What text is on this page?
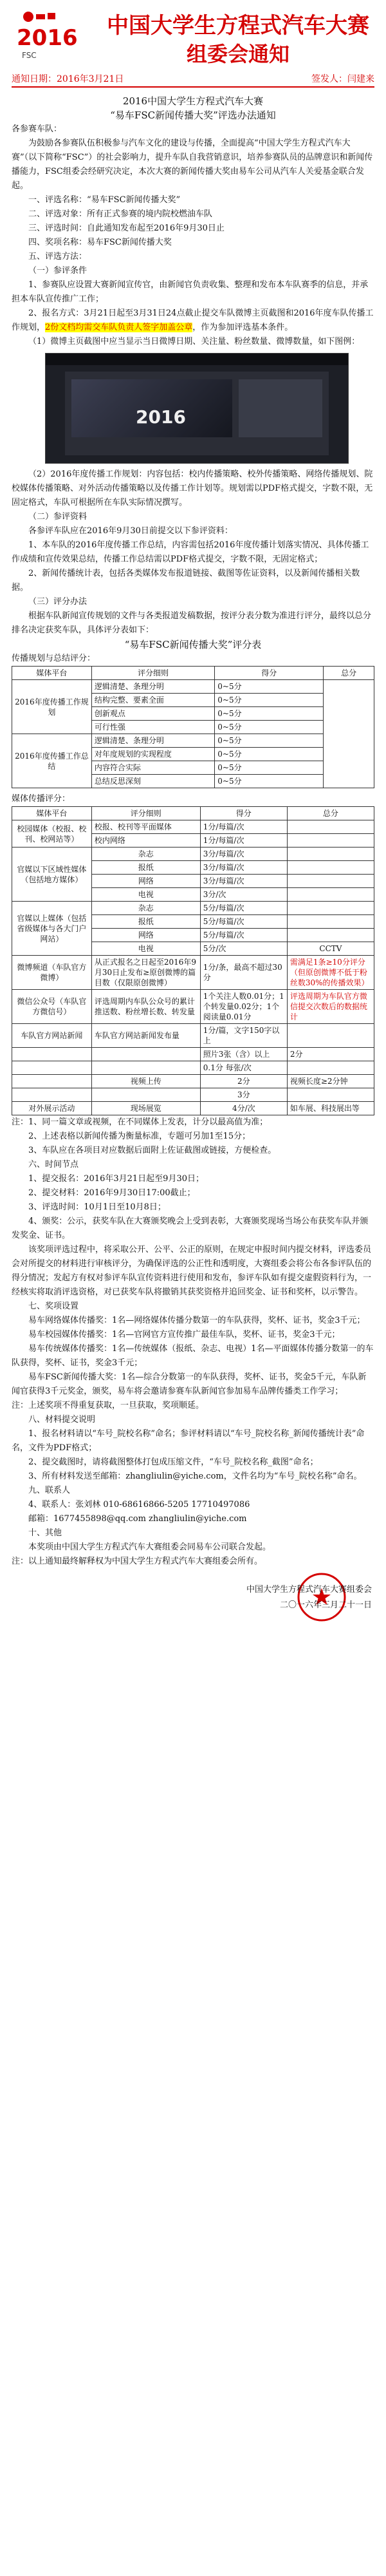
2016
FSC
中国大学生方程式汽车大赛
组委会通知
通知日期：2016年3月21日	签发人：闫建来
2016中国大学生方程式汽车大赛
“易车FSC新闻传播大奖”评选办法通知

各参赛车队：

为鼓励各参赛队伍积极参与汽车文化的建设与传播，全面提高“中国大学生方程式汽车大赛”（以下简称“FSC”）的社会影响力，提升车队自我营销意识，培养参赛队员的品牌意识和新闻传播能力，FSC组委会经研究决定，本次大赛的新闻传播大奖由易车公司从汽车人关爱基金联合发起。

一、评选名称：“易车FSC新闻传播大奖”

二、评选对象：所有正式参赛的境内院校燃油车队

三、评选时间：自此通知发布起至2016年9月30日止

四、奖项名称：易车FSC新闻传播大奖

五、评选方法：

（一）参评条件

1、参赛队应设置大赛新闻宣传官，由新闻官负责收集、整理和发布本车队赛季的信息，并承担本车队宣传推广工作；

2、报名方式：3月21日起至3月31日24点截止提交车队微博主页截图和2016年度车队传播工作规划，2份文档均需交车队负责人签字加盖公章，作为参加评选基本条件。

（1）微博主页截图中应当显示当日微博日期、关注量、粉丝数量、微博数量，如下图例：

2016

（2）2016年度传播工作规划：内容包括：校内传播策略、校外传播策略、网络传播规划、院校媒体传播策略、对外活动传播策略以及传播工作计划等。规划需以PDF格式提交，字数不限，无固定格式，车队可根据所在车队实际情况撰写。

（二）参评资料

各参评车队应在2016年9月30日前提交以下参评资料：

1、本车队的2016年度传播工作总结，内容需包括2016年度传播计划落实情况、具体传播工作成绩和宣传效果总结，传播工作总结需以PDF格式提交，字数不限，无固定格式；

2、新闻传播统计表，包括各类媒体发布报道链接、截图等佐证资料，以及新闻传播相关数据。

（三）评分办法

根据车队新闻宣传规划的文件与各类报道发稿数据，按评分表分数为准进行评分，最终以总分排名决定获奖车队，具体评分表如下：

“易车FSC新闻传播大奖”评分表

传播规划与总结评分：

媒体平台	评分细则	得分	总分
2016年度传播工作规划	逻辑清楚、条理分明	0~5分	
	结构完整、要素全面	0~5分	
	创新观点	0~5分	
	可行性强	0~5分	
2016年度传播工作总结	逻辑清楚、条理分明	0~5分	
	对年度规划的实现程度	0~5分	
	内容符合实际	0~5分	
	总结反思深刻	0~5分	

媒体传播评分：

媒体平台	评分细则	得分	总分
校园媒体（校报、校刊、校网站等）	校报、校刊等平面媒体	1分/每篇/次	
	校内网络	1分/每篇/次	
官媒以下区域性媒体（包括地方媒体）	杂志	3分/每篇/次	
	报纸	3分/每篇/次	
	网络	3分/每篇/次	
	电视	3分/次	
官媒以上媒体（包括省级媒体与各大门户网站）	杂志	5分/每篇/次	
	报纸	5分/每篇/次	
	网络	5分/每篇/次	
	电视	5分/次	CCTV
微博频道（车队官方微博）	从正式报名之日起至2016年9月30日止发布≥原创微博的篇目数（仅限原创微博）	1分/条，最高不超过30分	需满足1条≥10分评分（但原创微博不低于粉丝数30%的传播效果）
微信公众号（车队官方微信号）	评选周期内车队公众号的累计推送数、粉丝增长数、转发量	1个关注人数0.01分；1个转发量0.02分；1个阅读量0.01分	评选周期为车队官方微信提交次数后的数据统计
车队官方网站新闻	车队官方网站新闻发布量	1分/篇，文字150字以上	
		照片3张（含）以上	2分
		0.1分 每张/次	
	视频上传	2分	视频长度≥2分钟
		3分	
对外展示活动	现场展览	4分/次	如车展、科技展出等

注：1、同一篇文章或视频，在不同媒体上发表，计分以最高值为准；

2、上述表格以新闻传播为衡量标准，专题可另加1至15分；

3、车队应在各项目对应数据后面附上佐证截图或链接，方便检查。

六、时间节点

1、提交报名：2016年3月21日起至9月30日；

2、提交材料：2016年9月30日17:00截止；

3、评选时间：10月1日至10月8日；

4、颁奖：公示，获奖车队在大赛颁奖晚会上受到表彰，大赛颁奖现场当场公布获奖车队并颁发奖金、证书。

该奖项评选过程中，将采取公开、公平、公正的原则，在规定申报时间内提交材料，评选委员会对所提交的材料进行审核评分，为确保评选的公正性和透明度，大赛组委会将公布各参评队伍的得分情况；发起方有权对参评车队宣传资料进行使用和发布，参评车队如有提交虚假资料行为，一经核实将取消评选资格，对已获奖车队将撤销其获奖资格并追回奖金、证书和奖杯，以示警告。

七、奖项设置

易车网络媒体传播奖：1名—网络媒体传播分数第一的车队获得，奖杯、证书，奖金3千元；

易车校园媒体传播奖：1名—官网官方宣传推广最佳车队，奖杯、证书，奖金3千元；

易车传统媒体传播奖：1名—传统媒体（报纸、杂志、电视）1名—平面媒体传播分数第一的车队获得，奖杯、证书，奖金3千元；

易车FSC新闻传播大奖：1名—综合分数第一的车队获得，奖杯、证书，奖金5千元，车队新闻官获得3千元奖金，颁奖，易车将会邀请参赛车队新闻官参加易车品牌传播类工作学习；

注：上述奖项不得重复获取，一旦获取，奖项顺延。

八、材料提交说明

1、报名材料请以“车号_院校名称”命名；参评材料请以“车号_院校名称_新闻传播统计表”命名，文件为PDF格式；

2、提交截图时，请将截图整体打包成压缩文件，“车号_院校名称_截图”命名；

3、所有材料发送至邮箱：zhangliulin@yiche.com，文件名均为“车号_院校名称”命名。

九、联系人

4、联系人：张刘林 010-68616866-5205 17710497086

邮箱：1677455898@qq.com zhangliulin@yiche.com

十、其他

本奖项由中国大学生方程式汽车大赛组委会同易车公司联合发起。

注：以上通知最终解释权为中国大学生方程式汽车大赛组委会所有。

中国大学生方程式汽车大赛组委会
二〇一六年三月二十一日
